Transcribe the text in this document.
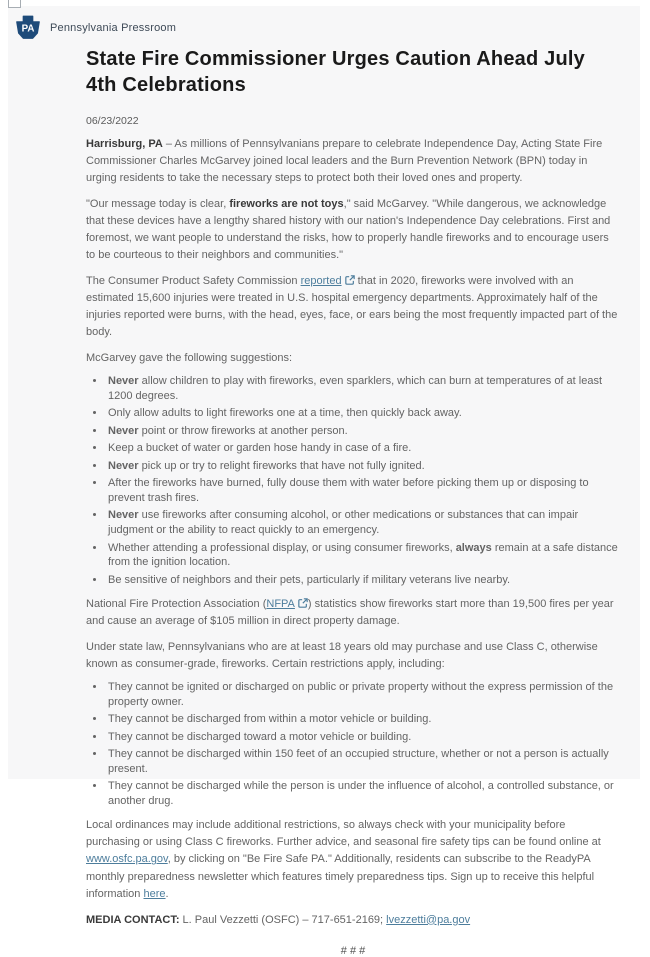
PA Pennsylvania Pressroom
State Fire Commissioner Urges Caution Ahead July 4th Celebrations
06/23/2022

Harrisburg, PA – As millions of Pennsylvanians prepare to celebrate Independence Day, Acting State Fire Commissioner Charles McGarvey joined local leaders and the Burn Prevention Network (BPN) today in urging residents to take the necessary steps to protect both their loved ones and property.

"Our message today is clear, fireworks are not toys," said McGarvey. "While dangerous, we acknowledge that these devices have a lengthy shared history with our nation's Independence Day celebrations. First and foremost, we want people to understand the risks, how to properly handle fireworks and to encourage users to be courteous to their neighbors and communities."

The Consumer Product Safety Commission reported that in 2020, fireworks were involved with an estimated 15,600 injuries were treated in U.S. hospital emergency departments. Approximately half of the injuries reported were burns, with the head, eyes, face, or ears being the most frequently impacted part of the body.

McGarvey gave the following suggestions:

• Never allow children to play with fireworks, even sparklers, which can burn at temperatures of at least 1200 degrees.
• Only allow adults to light fireworks one at a time, then quickly back away.
• Never point or throw fireworks at another person.
• Keep a bucket of water or garden hose handy in case of a fire.
• Never pick up or try to relight fireworks that have not fully ignited.
• After the fireworks have burned, fully douse them with water before picking them up or disposing to prevent trash fires.
• Never use fireworks after consuming alcohol, or other medications or substances that can impair judgment or the ability to react quickly to an emergency.
• Whether attending a professional display, or using consumer fireworks, always remain at a safe distance from the ignition location.
• Be sensitive of neighbors and their pets, particularly if military veterans live nearby.

National Fire Protection Association (NFPA ) statistics show fireworks start more than 19,500 fires per year and cause an average of $105 million in direct property damage.

Under state law, Pennsylvanians who are at least 18 years old may purchase and use Class C, otherwise known as consumer-grade, fireworks. Certain restrictions apply, including:

• They cannot be ignited or discharged on public or private property without the express permission of the property owner.
• They cannot be discharged from within a motor vehicle or building.
• They cannot be discharged toward a motor vehicle or building.
• They cannot be discharged within 150 feet of an occupied structure, whether or not a person is actually present.
• They cannot be discharged while the person is under the influence of alcohol, a controlled substance, or another drug.

Local ordinances may include additional restrictions, so always check with your municipality before purchasing or using Class C fireworks. Further advice, and seasonal fire safety tips can be found online at www.osfc.pa.gov, by clicking on "Be Fire Safe PA." Additionally, residents can subscribe to the ReadyPA monthly preparedness newsletter which features timely preparedness tips. Sign up to receive this helpful information here.

MEDIA CONTACT: L. Paul Vezzetti (OSFC) – 717-651-2169; lvezzetti@pa.gov

# # #
